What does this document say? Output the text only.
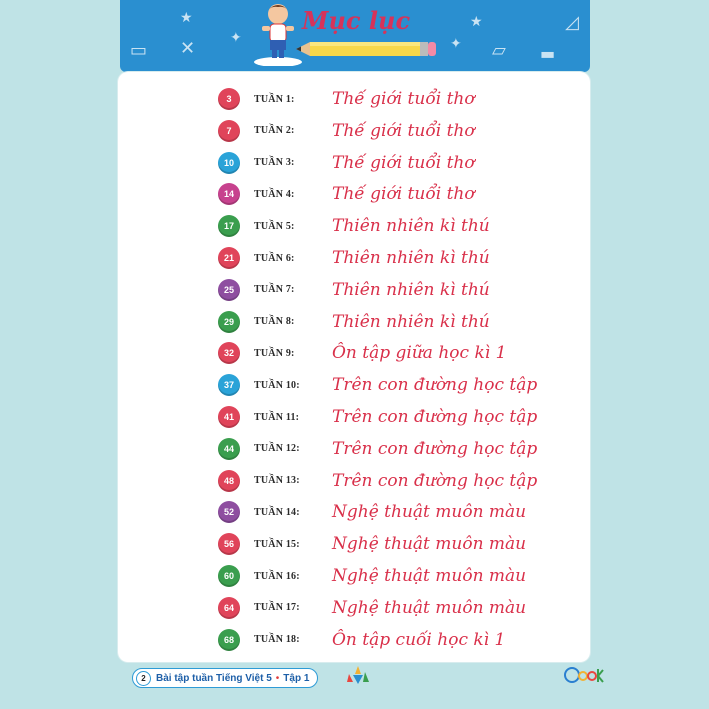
★
✦
▭ ✕
★
✦ ▱ ▬
◿
Mục lục
3	TUẦN 1:	Thế giới tuổi thơ
7	TUẦN 2:	Thế giới tuổi thơ
10	TUẦN 3:	Thế giới tuổi thơ
14	TUẦN 4:	Thế giới tuổi thơ
17	TUẦN 5:	Thiên nhiên kì thú
21	TUẦN 6:	Thiên nhiên kì thú
25	TUẦN 7:	Thiên nhiên kì thú
29	TUẦN 8:	Thiên nhiên kì thú
32	TUẦN 9:	Ôn tập giữa học kì 1
37	TUẦN 10:	Trên con đường học tập
41	TUẦN 11:	Trên con đường học tập
44	TUẦN 12:	Trên con đường học tập
48	TUẦN 13:	Trên con đường học tập
52	TUẦN 14:	Nghệ thuật muôn màu
56	TUẦN 15:	Nghệ thuật muôn màu
60	TUẦN 16:	Nghệ thuật muôn màu
64	TUẦN 17:	Nghệ thuật muôn màu
68	TUẦN 18:	Ôn tập cuối học kì 1
2	Bài tập tuần Tiếng Việt 5 • Tập 1
